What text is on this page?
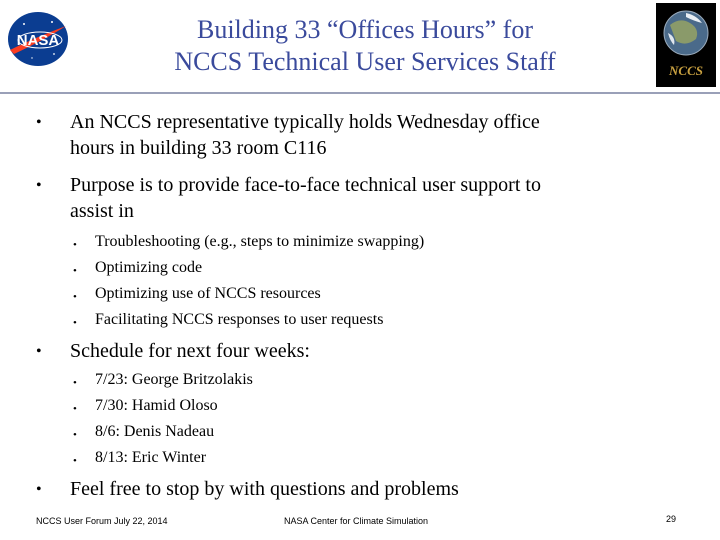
NASA
NCCS
Building 33 “Offices Hours” for
NCCS Technical User Services Staff
• An NCCS representative typically holds Wednesday office
hours in building 33 room C116
• Purpose is to provide face-to-face technical user support to
assist in
• Troubleshooting (e.g., steps to minimize swapping)
• Optimizing code
• Optimizing use of NCCS resources
• Facilitating NCCS responses to user requests
• Schedule for next four weeks:
• 7/23: George Britzolakis
• 7/30: Hamid Oloso
• 8/6: Denis Nadeau
• 8/13: Eric Winter
• Feel free to stop by with questions and problems
NCCS User Forum July 22, 2014	NASA Center for Climate Simulation	29
